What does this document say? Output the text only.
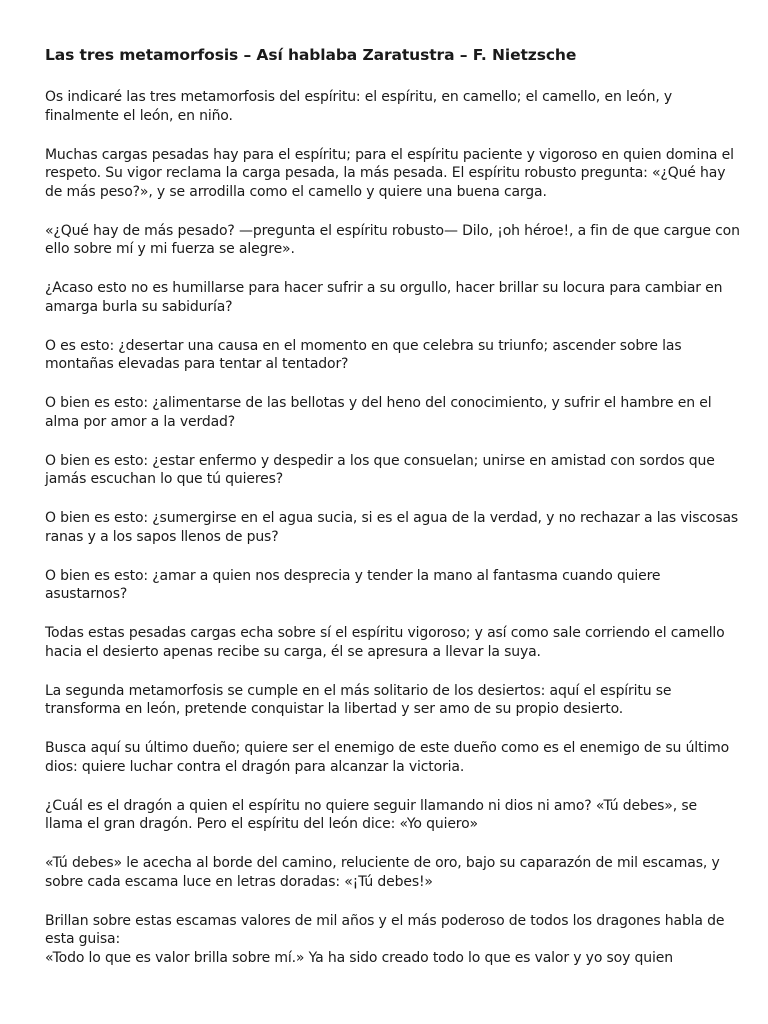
Las tres metamorfosis – Así hablaba Zaratustra – F. Nietzsche

Os indicaré las tres metamorfosis del espíritu: el espíritu, en camello; el camello, en león, y
finalmente el león, en niño.

Muchas cargas pesadas hay para el espíritu; para el espíritu paciente y vigoroso en quien domina el
respeto. Su vigor reclama la carga pesada, la más pesada. El espíritu robusto pregunta: «¿Qué hay
de más peso?», y se arrodilla como el camello y quiere una buena carga.

«¿Qué hay de más pesado? —pregunta el espíritu robusto— Dilo, ¡oh héroe!, a fin de que cargue con
ello sobre mí y mi fuerza se alegre».

¿Acaso esto no es humillarse para hacer sufrir a su orgullo, hacer brillar su locura para cambiar en
amarga burla su sabiduría?

O es esto: ¿desertar una causa en el momento en que celebra su triunfo; ascender sobre las
montañas elevadas para tentar al tentador?

O bien es esto: ¿alimentarse de las bellotas y del heno del conocimiento, y sufrir el hambre en el
alma por amor a la verdad?

O bien es esto: ¿estar enfermo y despedir a los que consuelan; unirse en amistad con sordos que
jamás escuchan lo que tú quieres?

O bien es esto: ¿sumergirse en el agua sucia, si es el agua de la verdad, y no rechazar a las viscosas
ranas y a los sapos llenos de pus?

O bien es esto: ¿amar a quien nos desprecia y tender la mano al fantasma cuando quiere
asustarnos?

Todas estas pesadas cargas echa sobre sí el espíritu vigoroso; y así como sale corriendo el camello
hacia el desierto apenas recibe su carga, él se apresura a llevar la suya.

La segunda metamorfosis se cumple en el más solitario de los desiertos: aquí el espíritu se
transforma en león, pretende conquistar la libertad y ser amo de su propio desierto.

Busca aquí su último dueño; quiere ser el enemigo de este dueño como es el enemigo de su último
dios: quiere luchar contra el dragón para alcanzar la victoria.

¿Cuál es el dragón a quien el espíritu no quiere seguir llamando ni dios ni amo? «Tú debes», se
llama el gran dragón. Pero el espíritu del león dice: «Yo quiero»

«Tú debes» le acecha al borde del camino, reluciente de oro, bajo su caparazón de mil escamas, y
sobre cada escama luce en letras doradas: «¡Tú debes!»

Brillan sobre estas escamas valores de mil años y el más poderoso de todos los dragones habla de
esta guisa:
«Todo lo que es valor brilla sobre mí.» Ya ha sido creado todo lo que es valor y yo soy quien
